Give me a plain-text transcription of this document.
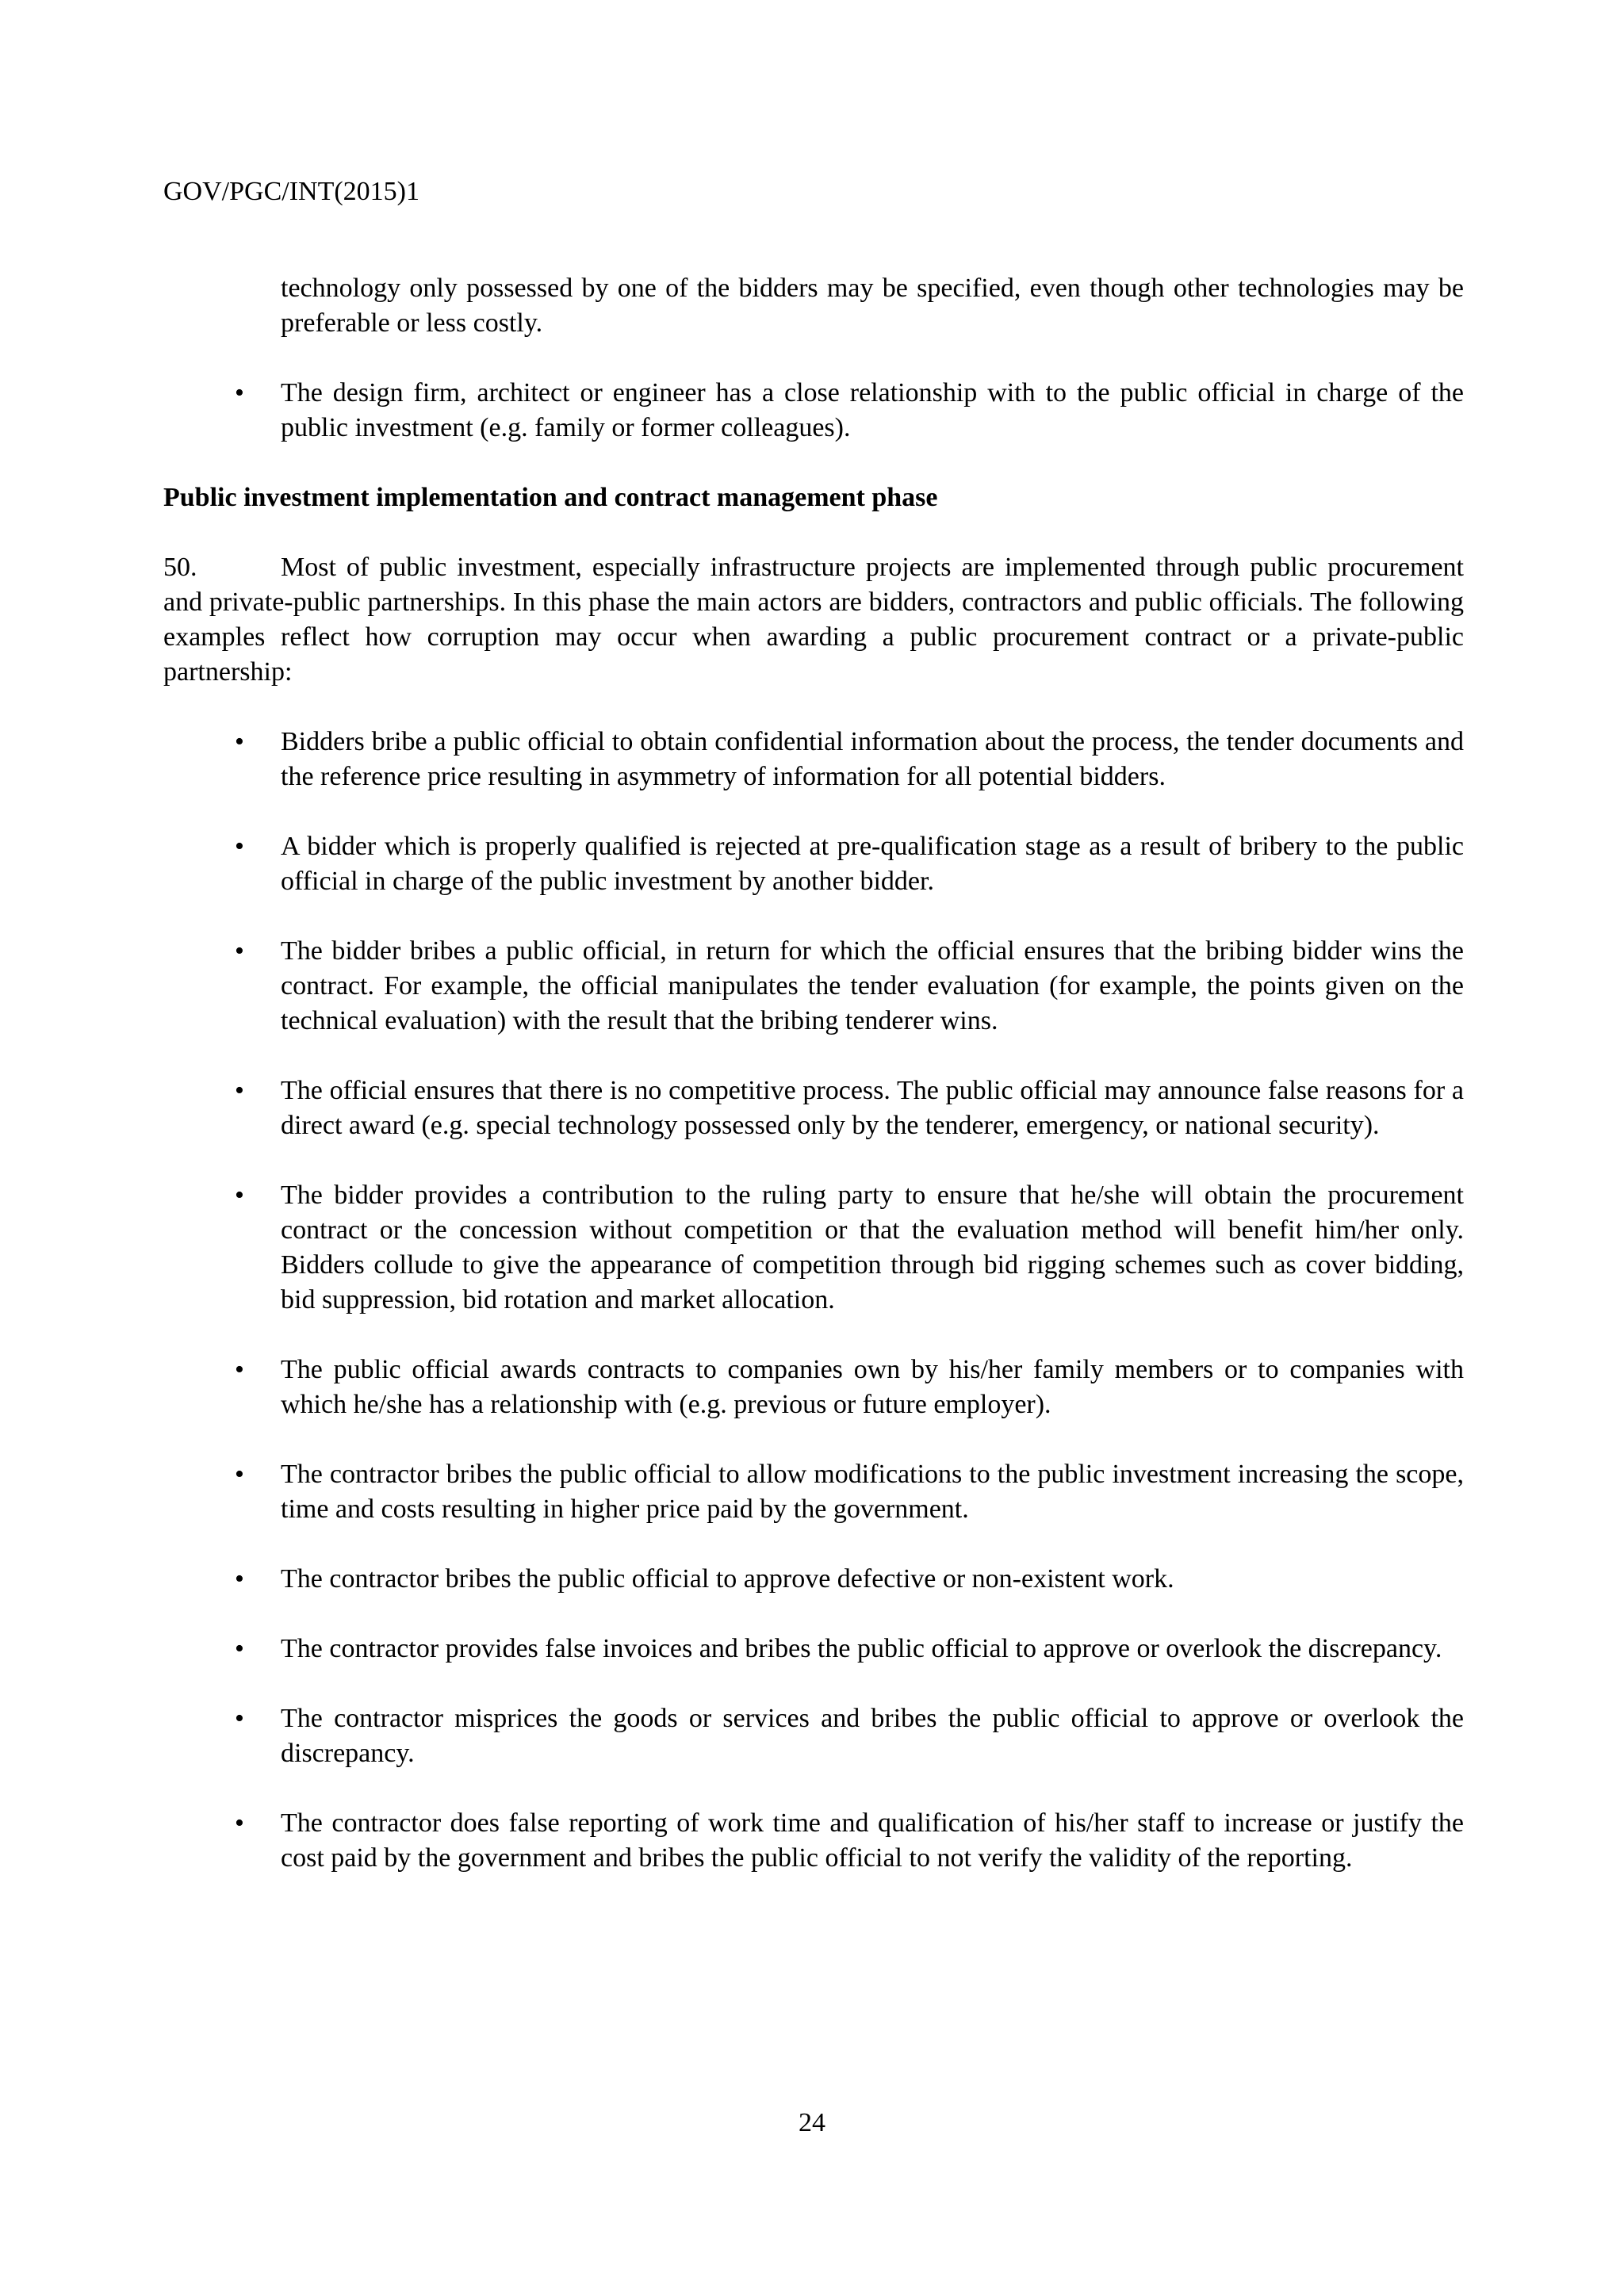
GOV/PGC/INT(2015)1

technology only possessed by one of the bidders may be specified, even though other technologies may be preferable or less costly.

•	The design firm, architect or engineer has a close relationship with to the public official in charge of the public investment (e.g. family or former colleagues).

Public investment implementation and contract management phase

50.	Most of public investment, especially infrastructure projects are implemented through public procurement and private-public partnerships. In this phase the main actors are bidders, contractors and public officials. The following examples reflect how corruption may occur when awarding a public procurement contract or a private-public partnership:

•	Bidders bribe a public official to obtain confidential information about the process, the tender documents and the reference price resulting in asymmetry of information for all potential bidders.
•	A bidder which is properly qualified is rejected at pre-qualification stage as a result of bribery to the public official in charge of the public investment by another bidder.
•	The bidder bribes a public official, in return for which the official ensures that the bribing bidder wins the contract. For example, the official manipulates the tender evaluation (for example, the points given on the technical evaluation) with the result that the bribing tenderer wins.
•	The official ensures that there is no competitive process. The public official may announce false reasons for a direct award (e.g. special technology possessed only by the tenderer, emergency, or national security).
•	The bidder provides a contribution to the ruling party to ensure that he/she will obtain the procurement contract or the concession without competition or that the evaluation method will benefit him/her only. Bidders collude to give the appearance of competition through bid rigging schemes such as cover bidding, bid suppression, bid rotation and market allocation.
•	The public official awards contracts to companies own by his/her family members or to companies with which he/she has a relationship with (e.g. previous or future employer).
•	The contractor bribes the public official to allow modifications to the public investment increasing the scope, time and costs resulting in higher price paid by the government.
•	The contractor bribes the public official to approve defective or non-existent work.
•	The contractor provides false invoices and bribes the public official to approve or overlook the discrepancy.
•	The contractor misprices the goods or services and bribes the public official to approve or overlook the discrepancy.
•	The contractor does false reporting of work time and qualification of his/her staff to increase or justify the cost paid by the government and bribes the public official to not verify the validity of the reporting.
24
